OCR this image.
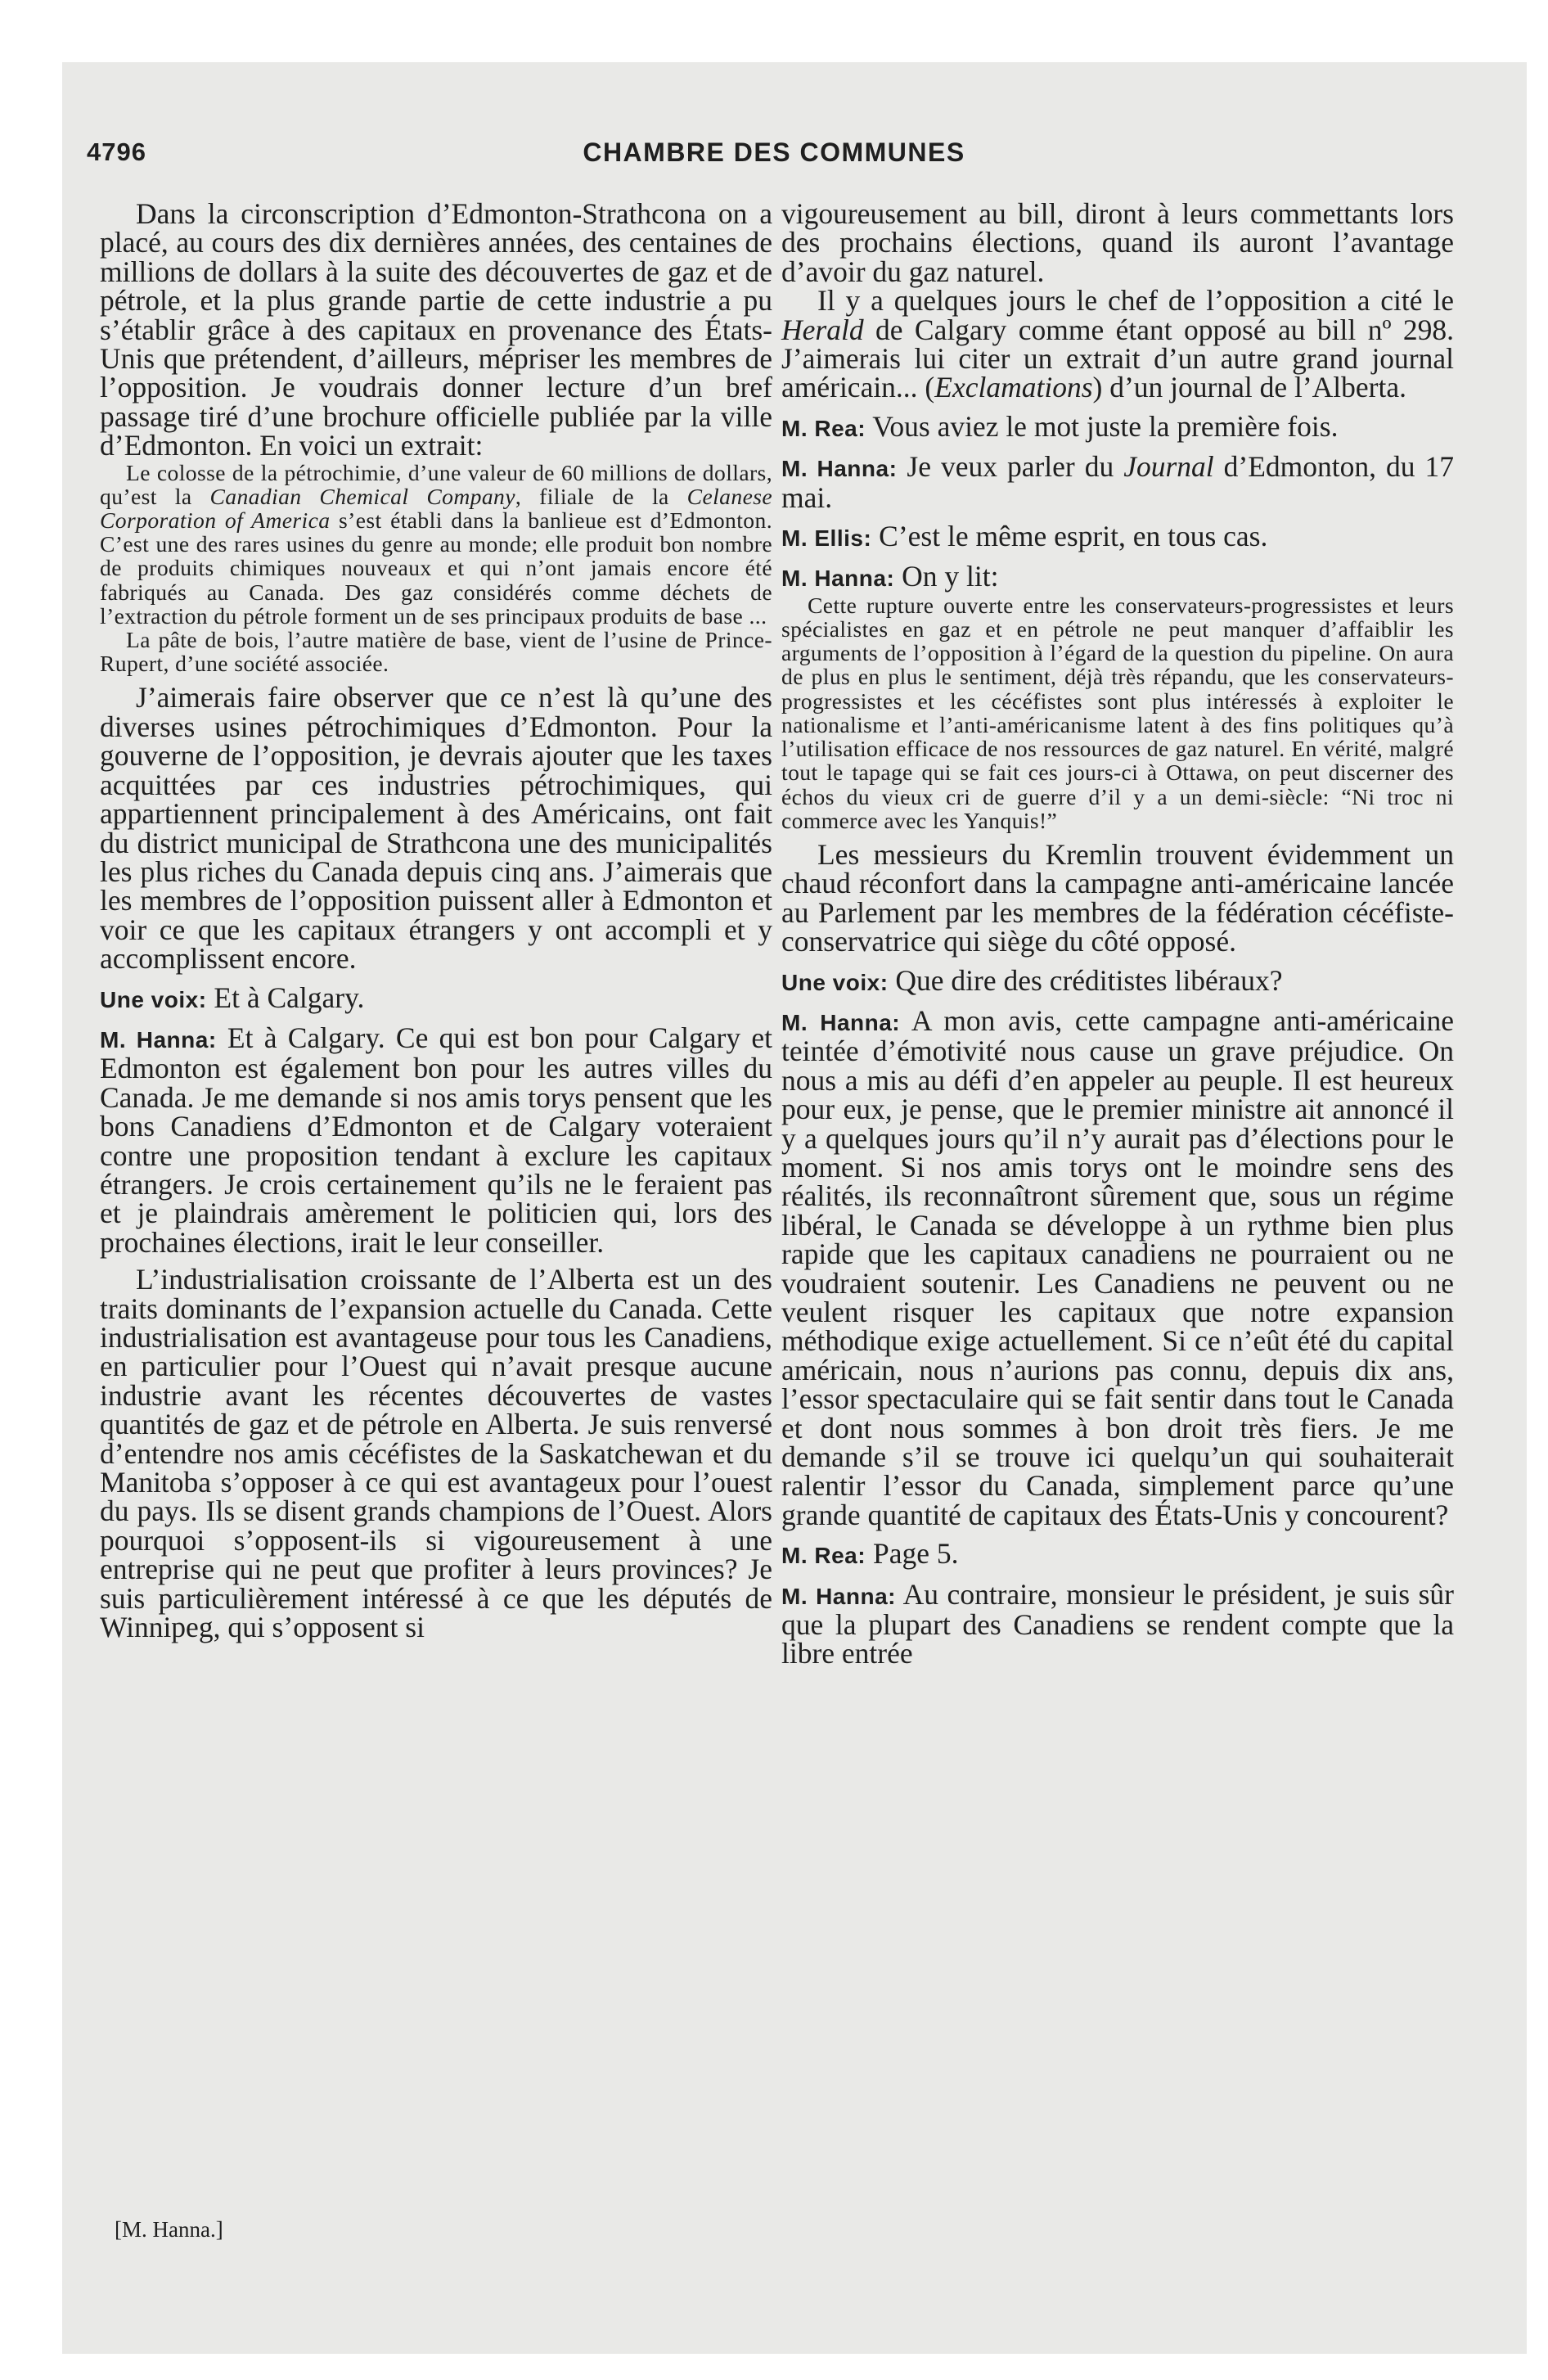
4796	CHAMBRE DES COMMUNES

Dans la circonscription d’Edmonton-Strathcona on a placé, au cours des dix dernières années, des centaines de millions de dollars à la suite des découvertes de gaz et de pétrole, et la plus grande partie de cette industrie a pu s’établir grâce à des capitaux en provenance des États-Unis que prétendent, d’ailleurs, mépriser les membres de l’opposition. Je voudrais donner lecture d’un bref passage tiré d’une brochure officielle publiée par la ville d’Edmonton. En voici un extrait:

Le colosse de la pétrochimie, d’une valeur de 60 millions de dollars, qu’est la Canadian Chemical Company, filiale de la Celanese Corporation of America s’est établi dans la banlieue est d’Edmonton. C’est une des rares usines du genre au monde; elle produit bon nombre de produits chimiques nouveaux et qui n’ont jamais encore été fabriqués au Canada. Des gaz considérés comme déchets de l’extraction du pétrole forment un de ses principaux produits de base ...

La pâte de bois, l’autre matière de base, vient de l’usine de Prince-Rupert, d’une société associée.

J’aimerais faire observer que ce n’est là qu’une des diverses usines pétrochimiques d’Edmonton. Pour la gouverne de l’opposition, je devrais ajouter que les taxes acquittées par ces industries pétrochimiques, qui appartiennent principalement à des Américains, ont fait du district municipal de Strathcona une des municipalités les plus riches du Canada depuis cinq ans. J’aimerais que les membres de l’opposition puissent aller à Edmonton et voir ce que les capitaux étrangers y ont accompli et y accomplissent encore.

Une voix: Et à Calgary.

M. Hanna: Et à Calgary. Ce qui est bon pour Calgary et Edmonton est également bon pour les autres villes du Canada. Je me demande si nos amis torys pensent que les bons Canadiens d’Edmonton et de Calgary voteraient contre une proposition tendant à exclure les capitaux étrangers. Je crois certainement qu’ils ne le feraient pas et je plaindrais amèrement le politicien qui, lors des prochaines élections, irait le leur conseiller.

L’industrialisation croissante de l’Alberta est un des traits dominants de l’expansion actuelle du Canada. Cette industrialisation est avantageuse pour tous les Canadiens, en particulier pour l’Ouest qui n’avait presque aucune industrie avant les récentes découvertes de vastes quantités de gaz et de pétrole en Alberta. Je suis renversé d’entendre nos amis cécéfistes de la Saskatchewan et du Manitoba s’opposer à ce qui est avantageux pour l’ouest du pays. Ils se disent grands champions de l’Ouest. Alors pourquoi s’opposent-ils si vigoureusement à une entreprise qui ne peut que profiter à leurs provinces? Je suis particulièrement intéressé à ce que les députés de Winnipeg, qui s’opposent si

vigoureusement au bill, diront à leurs commettants lors des prochains élections, quand ils auront l’avantage d’avoir du gaz naturel.

Il y a quelques jours le chef de l’opposition a cité le Herald de Calgary comme étant opposé au bill nº 298. J’aimerais lui citer un extrait d’un autre grand journal américain... (Exclamations) d’un journal de l’Alberta.

M. Rea: Vous aviez le mot juste la première fois.

M. Hanna: Je veux parler du Journal d’Edmonton, du 17 mai.

M. Ellis: C’est le même esprit, en tous cas.

M. Hanna: On y lit:

Cette rupture ouverte entre les conservateurs-progressistes et leurs spécialistes en gaz et en pétrole ne peut manquer d’affaiblir les arguments de l’opposition à l’égard de la question du pipeline. On aura de plus en plus le sentiment, déjà très répandu, que les conservateurs-progressistes et les cécéfistes sont plus intéressés à exploiter le nationalisme et l’anti-américanisme latent à des fins politiques qu’à l’utilisation efficace de nos ressources de gaz naturel. En vérité, malgré tout le tapage qui se fait ces jours-ci à Ottawa, on peut discerner des échos du vieux cri de guerre d’il y a un demi-siècle: “Ni troc ni commerce avec les Yanquis!”

Les messieurs du Kremlin trouvent évidemment un chaud réconfort dans la campagne anti-américaine lancée au Parlement par les membres de la fédération cécéfiste-conservatrice qui siège du côté opposé.

Une voix: Que dire des créditistes libéraux?

M. Hanna: A mon avis, cette campagne anti-américaine teintée d’émotivité nous cause un grave préjudice. On nous a mis au défi d’en appeler au peuple. Il est heureux pour eux, je pense, que le premier ministre ait annoncé il y a quelques jours qu’il n’y aurait pas d’élections pour le moment. Si nos amis torys ont le moindre sens des réalités, ils reconnaîtront sûrement que, sous un régime libéral, le Canada se développe à un rythme bien plus rapide que les capitaux canadiens ne pourraient ou ne voudraient soutenir. Les Canadiens ne peuvent ou ne veulent risquer les capitaux que notre expansion méthodique exige actuellement. Si ce n’eût été du capital américain, nous n’aurions pas connu, depuis dix ans, l’essor spectaculaire qui se fait sentir dans tout le Canada et dont nous sommes à bon droit très fiers. Je me demande s’il se trouve ici quelqu’un qui souhaiterait ralentir l’essor du Canada, simplement parce qu’une grande quantité de capitaux des États-Unis y concourent?

M. Rea: Page 5.

M. Hanna: Au contraire, monsieur le président, je suis sûr que la plupart des Canadiens se rendent compte que la libre entrée

[M. Hanna.]
